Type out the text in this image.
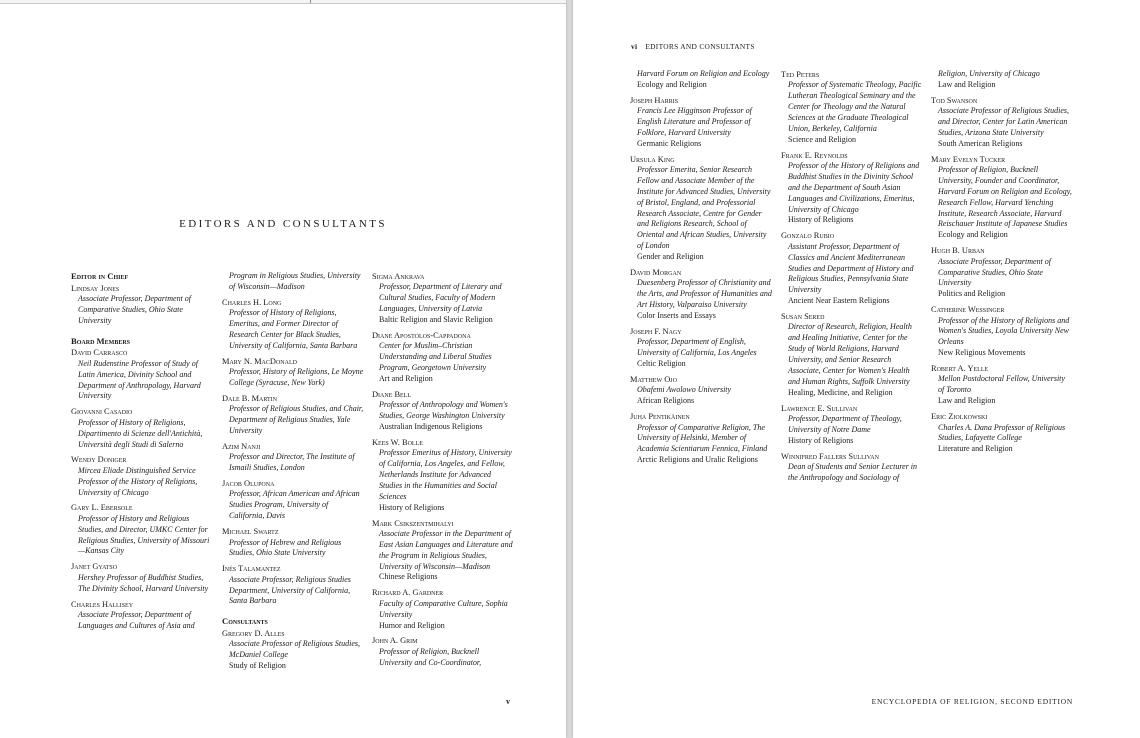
EDITORS AND CONSULTANTS
Editor in Chief
Lindsay Jones
Associate Professor, Department of Comparative Studies, Ohio State University
Board Members
David Carrasco
Neil Rudenstine Professor of Study of Latin America, Divinity School and Department of Anthropology, Harvard University
Giovanni Casadio
Professor of History of Religions, Dipartimento di Scienze dell'Antichità, Università degli Studi di Salerno
Wendy Doniger
Mircea Eliade Distinguished Service Professor of the History of Religions, University of Chicago
Gary L. Ebersole
Professor of History and Religious Studies, and Director, UMKC Center for Religious Studies, University of Missouri—Kansas City
Janet Gyatso
Hershey Professor of Buddhist Studies, The Divinity School, Harvard University
Charles Hallisey
Associate Professor, Department of Languages and Cultures of Asia and
Program in Religious Studies, University of Wisconsin—Madison
Charles H. Long
Professor of History of Religions, Emeritus, and Former Director of Research Center for Black Studies, University of California, Santa Barbara
Mary N. MacDonald
Professor, History of Religions, Le Moyne College (Syracuse, New York)
Dale B. Martin
Professor of Religious Studies, and Chair, Department of Religious Studies, Yale University
Azim Nanji
Professor and Director, The Institute of Ismaili Studies, London
Jacob Olupona
Professor, African American and African Studies Program, University of California, Davis
Michael Swartz
Professor of Hebrew and Religious Studies, Ohio State University
Inés Talamantez
Associate Professor, Religious Studies Department, University of California, Santa Barbara
Consultants
Gregory D. Alles
Associate Professor of Religious Studies, McDaniel College
Study of Religion
Sigma Ankrava
Professor, Department of Literary and Cultural Studies, Faculty of Modern Languages, University of Latvia
Baltic Religion and Slavic Religion
Diane Apostolos-Cappadona
Center for Muslim–Christian Understanding and Liberal Studies Program, Georgetown University
Art and Religion
Diane Bell
Professor of Anthropology and Women's Studies, George Washington University
Australian Indigenous Religions
Kees W. Bolle
Professor Emeritus of History, University of California, Los Angeles, and Fellow, Netherlands Institute for Advanced Studies in the Humanities and Social Sciences
History of Religions
Mark Csikszentmihalyi
Associate Professor in the Department of East Asian Languages and Literature and the Program in Religious Studies, University of Wisconsin—Madison
Chinese Religions
Richard A. Gardner
Faculty of Comparative Culture, Sophia University
Humor and Religion
John A. Grim
Professor of Religion, Bucknell University and Co-Coordinator,
v
vi EDITORS AND CONSULTANTS
Harvard Forum on Religion and Ecology
Ecology and Religion
Joseph Harris
Francis Lee Higginson Professor of English Literature and Professor of Folklore, Harvard University
Germanic Religions
Ursula King
Professor Emerita, Senior Research Fellow and Associate Member of the Institute for Advanced Studies, University of Bristol, England, and Professorial Research Associate, Centre for Gender and Religions Research, School of Oriental and African Studies, University of London
Gender and Religion
David Morgan
Duesenberg Professor of Christianity and the Arts, and Professor of Humanities and Art History, Valparaiso University
Color Inserts and Essays
Joseph F. Nagy
Professor, Department of English, University of California, Los Angeles
Celtic Religion
Matthew Ojo
Obafemi Awolowo University
African Religions
Juha Pentikäinen
Professor of Comparative Religion, The University of Helsinki, Member of Academia Scientiarum Fennica, Finland
Arctic Religions and Uralic Religions
Ted Peters
Professor of Systematic Theology, Pacific Lutheran Theological Seminary and the Center for Theology and the Natural Sciences at the Graduate Theological Union, Berkeley, California
Science and Religion
Frank E. Reynolds
Professor of the History of Religions and Buddhist Studies in the Divinity School and the Department of South Asian Languages and Civilizations, Emeritus, University of Chicago
History of Religions
Gonzalo Rubio
Assistant Professor, Department of Classics and Ancient Mediterranean Studies and Department of History and Religious Studies, Pennsylvania State University
Ancient Near Eastern Religions
Susan Sered
Director of Research, Religion, Health and Healing Initiative, Center for the Study of World Religions, Harvard University, and Senior Research Associate, Center for Women's Health and Human Rights, Suffolk University
Healing, Medicine, and Religion
Lawrence E. Sullivan
Professor, Department of Theology, University of Notre Dame
History of Religions
Winnifred Fallers Sullivan
Dean of Students and Senior Lecturer in the Anthropology and Sociology of
Religion, University of Chicago
Law and Religion
Tod Swanson
Associate Professor of Religious Studies, and Director, Center for Latin American Studies, Arizona State University
South American Religions
Mary Evelyn Tucker
Professor of Religion, Bucknell University, Founder and Coordinator, Harvard Forum on Religion and Ecology, Research Fellow, Harvard Yenching Institute, Research Associate, Harvard Reischauer Institute of Japanese Studies
Ecology and Religion
Hugh B. Urban
Associate Professor, Department of Comparative Studies, Ohio State University
Politics and Religion
Catherine Wessinger
Professor of the History of Religions and Women's Studies, Loyola University New Orleans
New Religious Movements
Robert A. Yelle
Mellon Postdoctoral Fellow, University of Toronto
Law and Religion
Eric Ziolkowski
Charles A. Dana Professor of Religious Studies, Lafayette College
Literature and Religion
ENCYCLOPEDIA OF RELIGION, SECOND EDITION
